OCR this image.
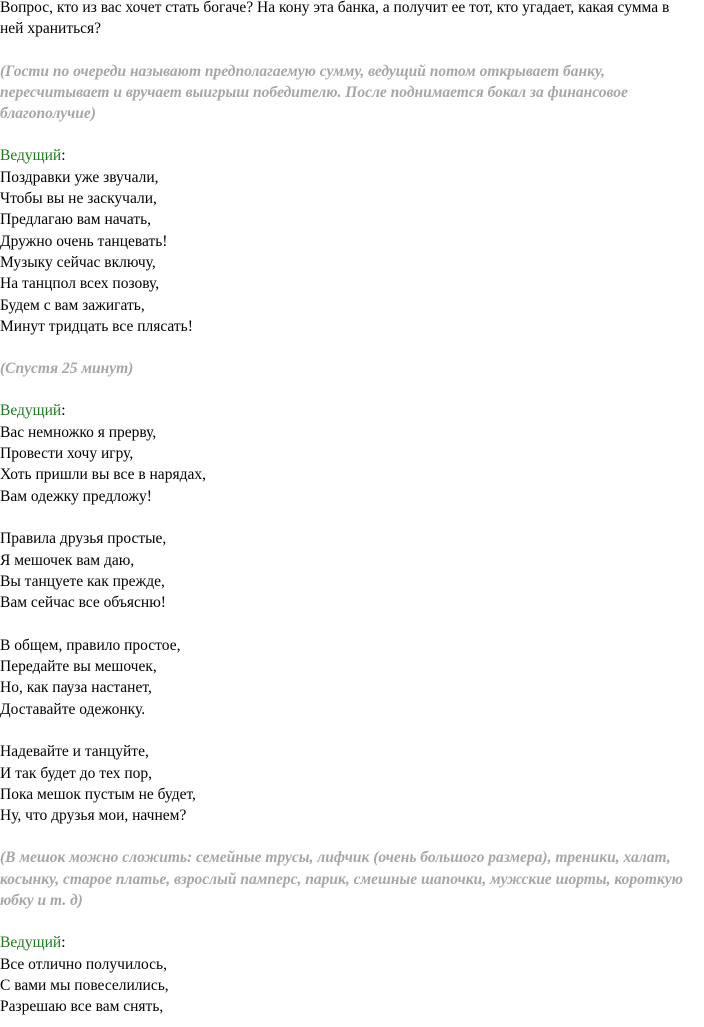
Вопрос, кто из вас хочет стать богаче? На кону эта банка, а получит ее тот, кто угадает, какая сумма в ней храниться?

(Гости по очереди называют предполагаемую сумму, ведущий потом открывает банку, пересчитывает и вручает выигрыш победителю. После поднимается бокал за финансовое благополучие)

Ведущий:

Поздравки уже звучали,
Чтобы вы не заскучали,
Предлагаю вам начать,
Дружно очень танцевать!
Музыку сейчас включу,
На танцпол всех позову,
Будем с вам зажигать,
Минут тридцать все плясать!

(Спустя 25 минут)

Ведущий:

Вас немножко я прерву,
Провести хочу игру,
Хоть пришли вы все в нарядах,
Вам одежку предложу!
Правила друзья простые,
Я мешочек вам даю,
Вы танцуете как прежде,
Вам сейчас все объясню!
В общем, правило простое,
Передайте вы мешочек,
Но, как пауза настанет,
Доставайте одежонку.
Надевайте и танцуйте,
И так будет до тех пор,
Пока мешок пустым не будет,
Ну, что друзья мои, начнем?

(В мешок можно сложить: семейные трусы, лифчик (очень большого размера), треники, халат, косынку, старое платье, взрослый памперс, парик, смешные шапочки, мужские шорты, короткую юбку и т. д)

Ведущий:

Все отлично получилось,
С вами мы повеселились,
Разрешаю все вам снять,
